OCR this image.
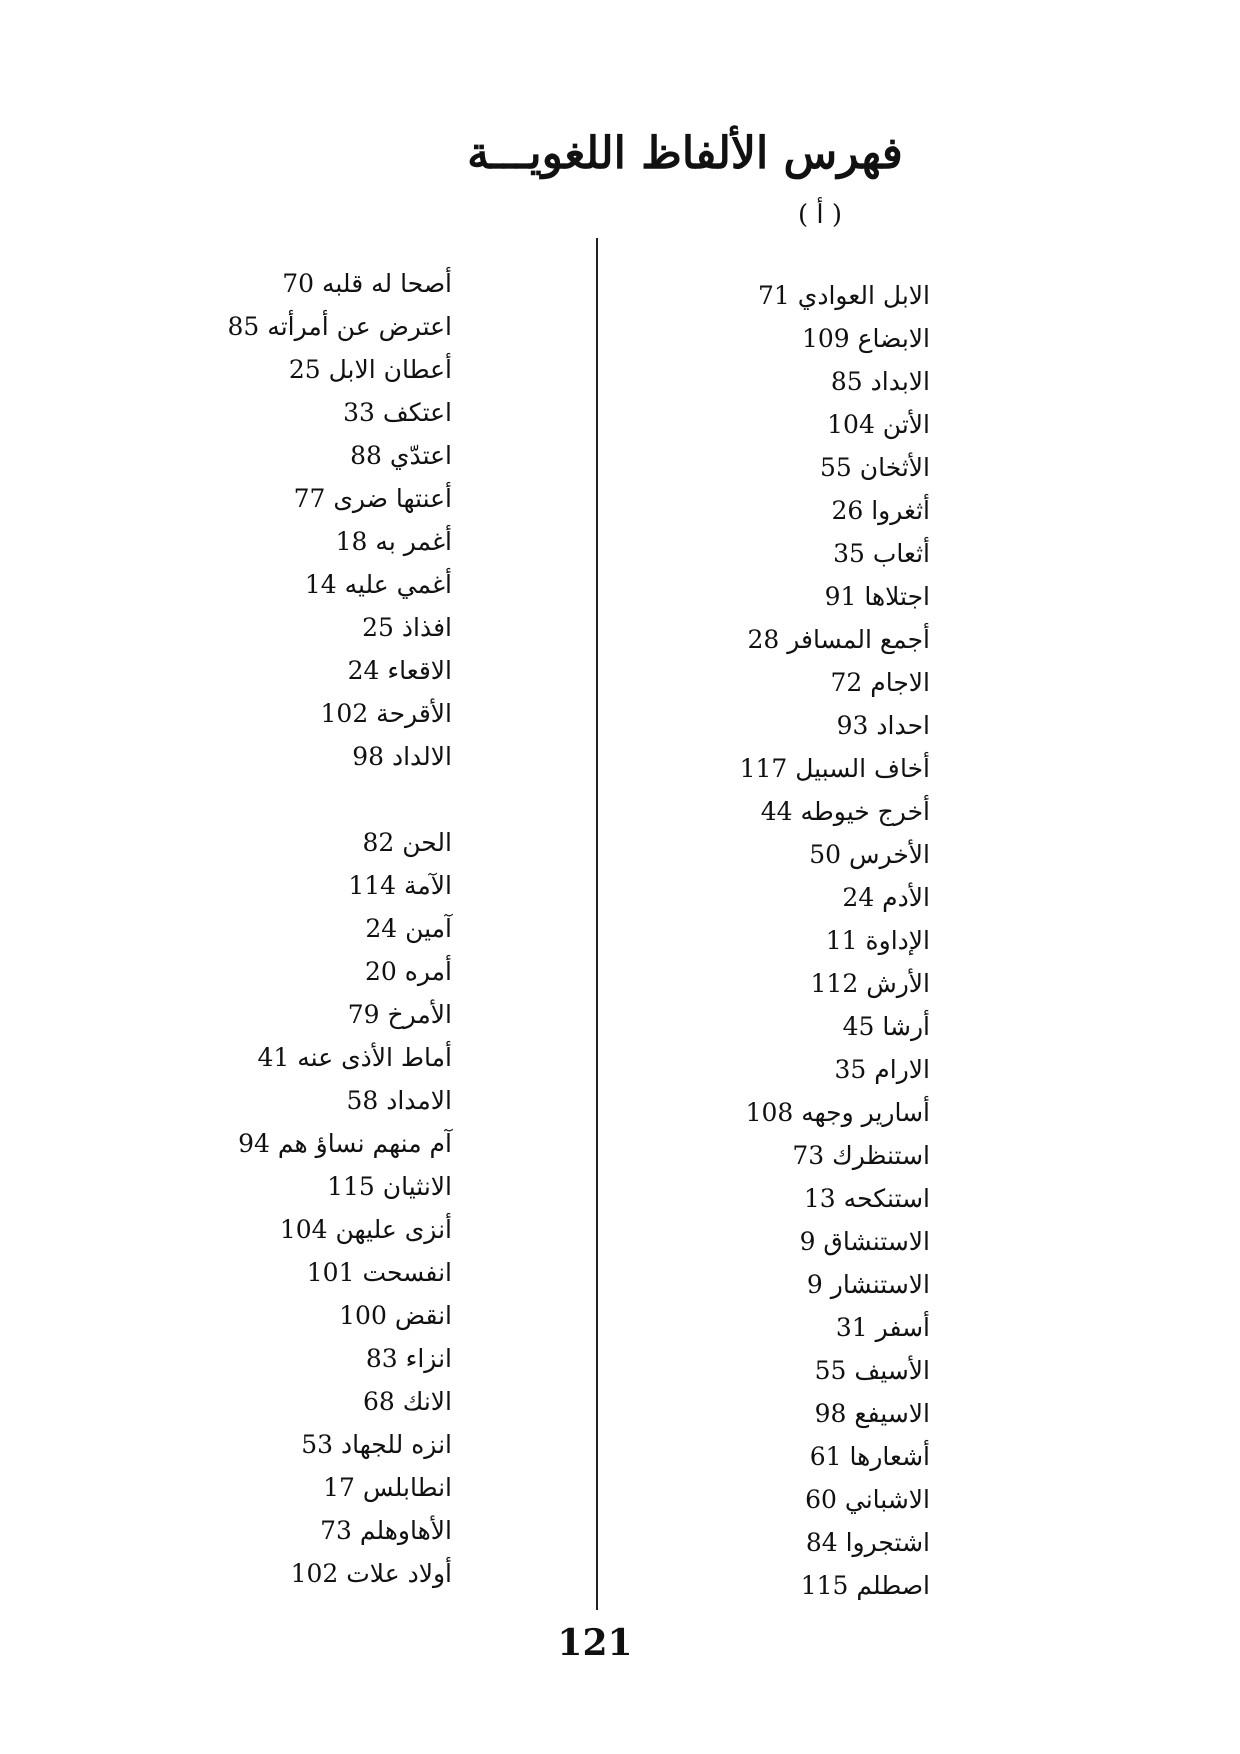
فهرس الألفاظ اللغويـــة
( أ )
الابل العوادي 71
الابضاع 109
الابداد 85
الأتن 104
الأثخان 55
أثغروا 26
أثعاب 35
اجتلاها 91
أجمع المسافر 28
الاجام 72
احداد 93
أخاف السبيل 117
أخرج خيوطه 44
الأخرس 50
الأدم 24
الإداوة 11
الأرش 112
أرشا 45
الارام 35
أسارير وجهه 108
استنظرك 73
استنكحه 13
الاستنشاق 9
الاستنشار 9
أسفر 31
الأسيف 55
الاسيفع 98
أشعارها 61
الاشباني 60
اشتجروا 84
اصطلم 115
أصحا له قلبه 70
اعترض عن أمرأته 85
أعطان الابل 25
اعتكف 33
اعتدّي 88
أعنتها ضرى 77
أغمر به 18
أغمي عليه 14
افذاذ 25
الاقعاء 24
الأقرحة 102
الالداد 98
الحن 82
الآمة 114
آمين 24
أمره 20
الأمرخ 79
أماط الأذى عنه 41
الامداد 58
آم منهم نساؤ هم 94
الانثيان 115
أنزى عليهن 104
انفسحت 101
انقض 100
انزاء 83
الانك 68
انزه للجهاد 53
انطابلس 17
الأهاوهلم 73
أولاد علات 102
121
